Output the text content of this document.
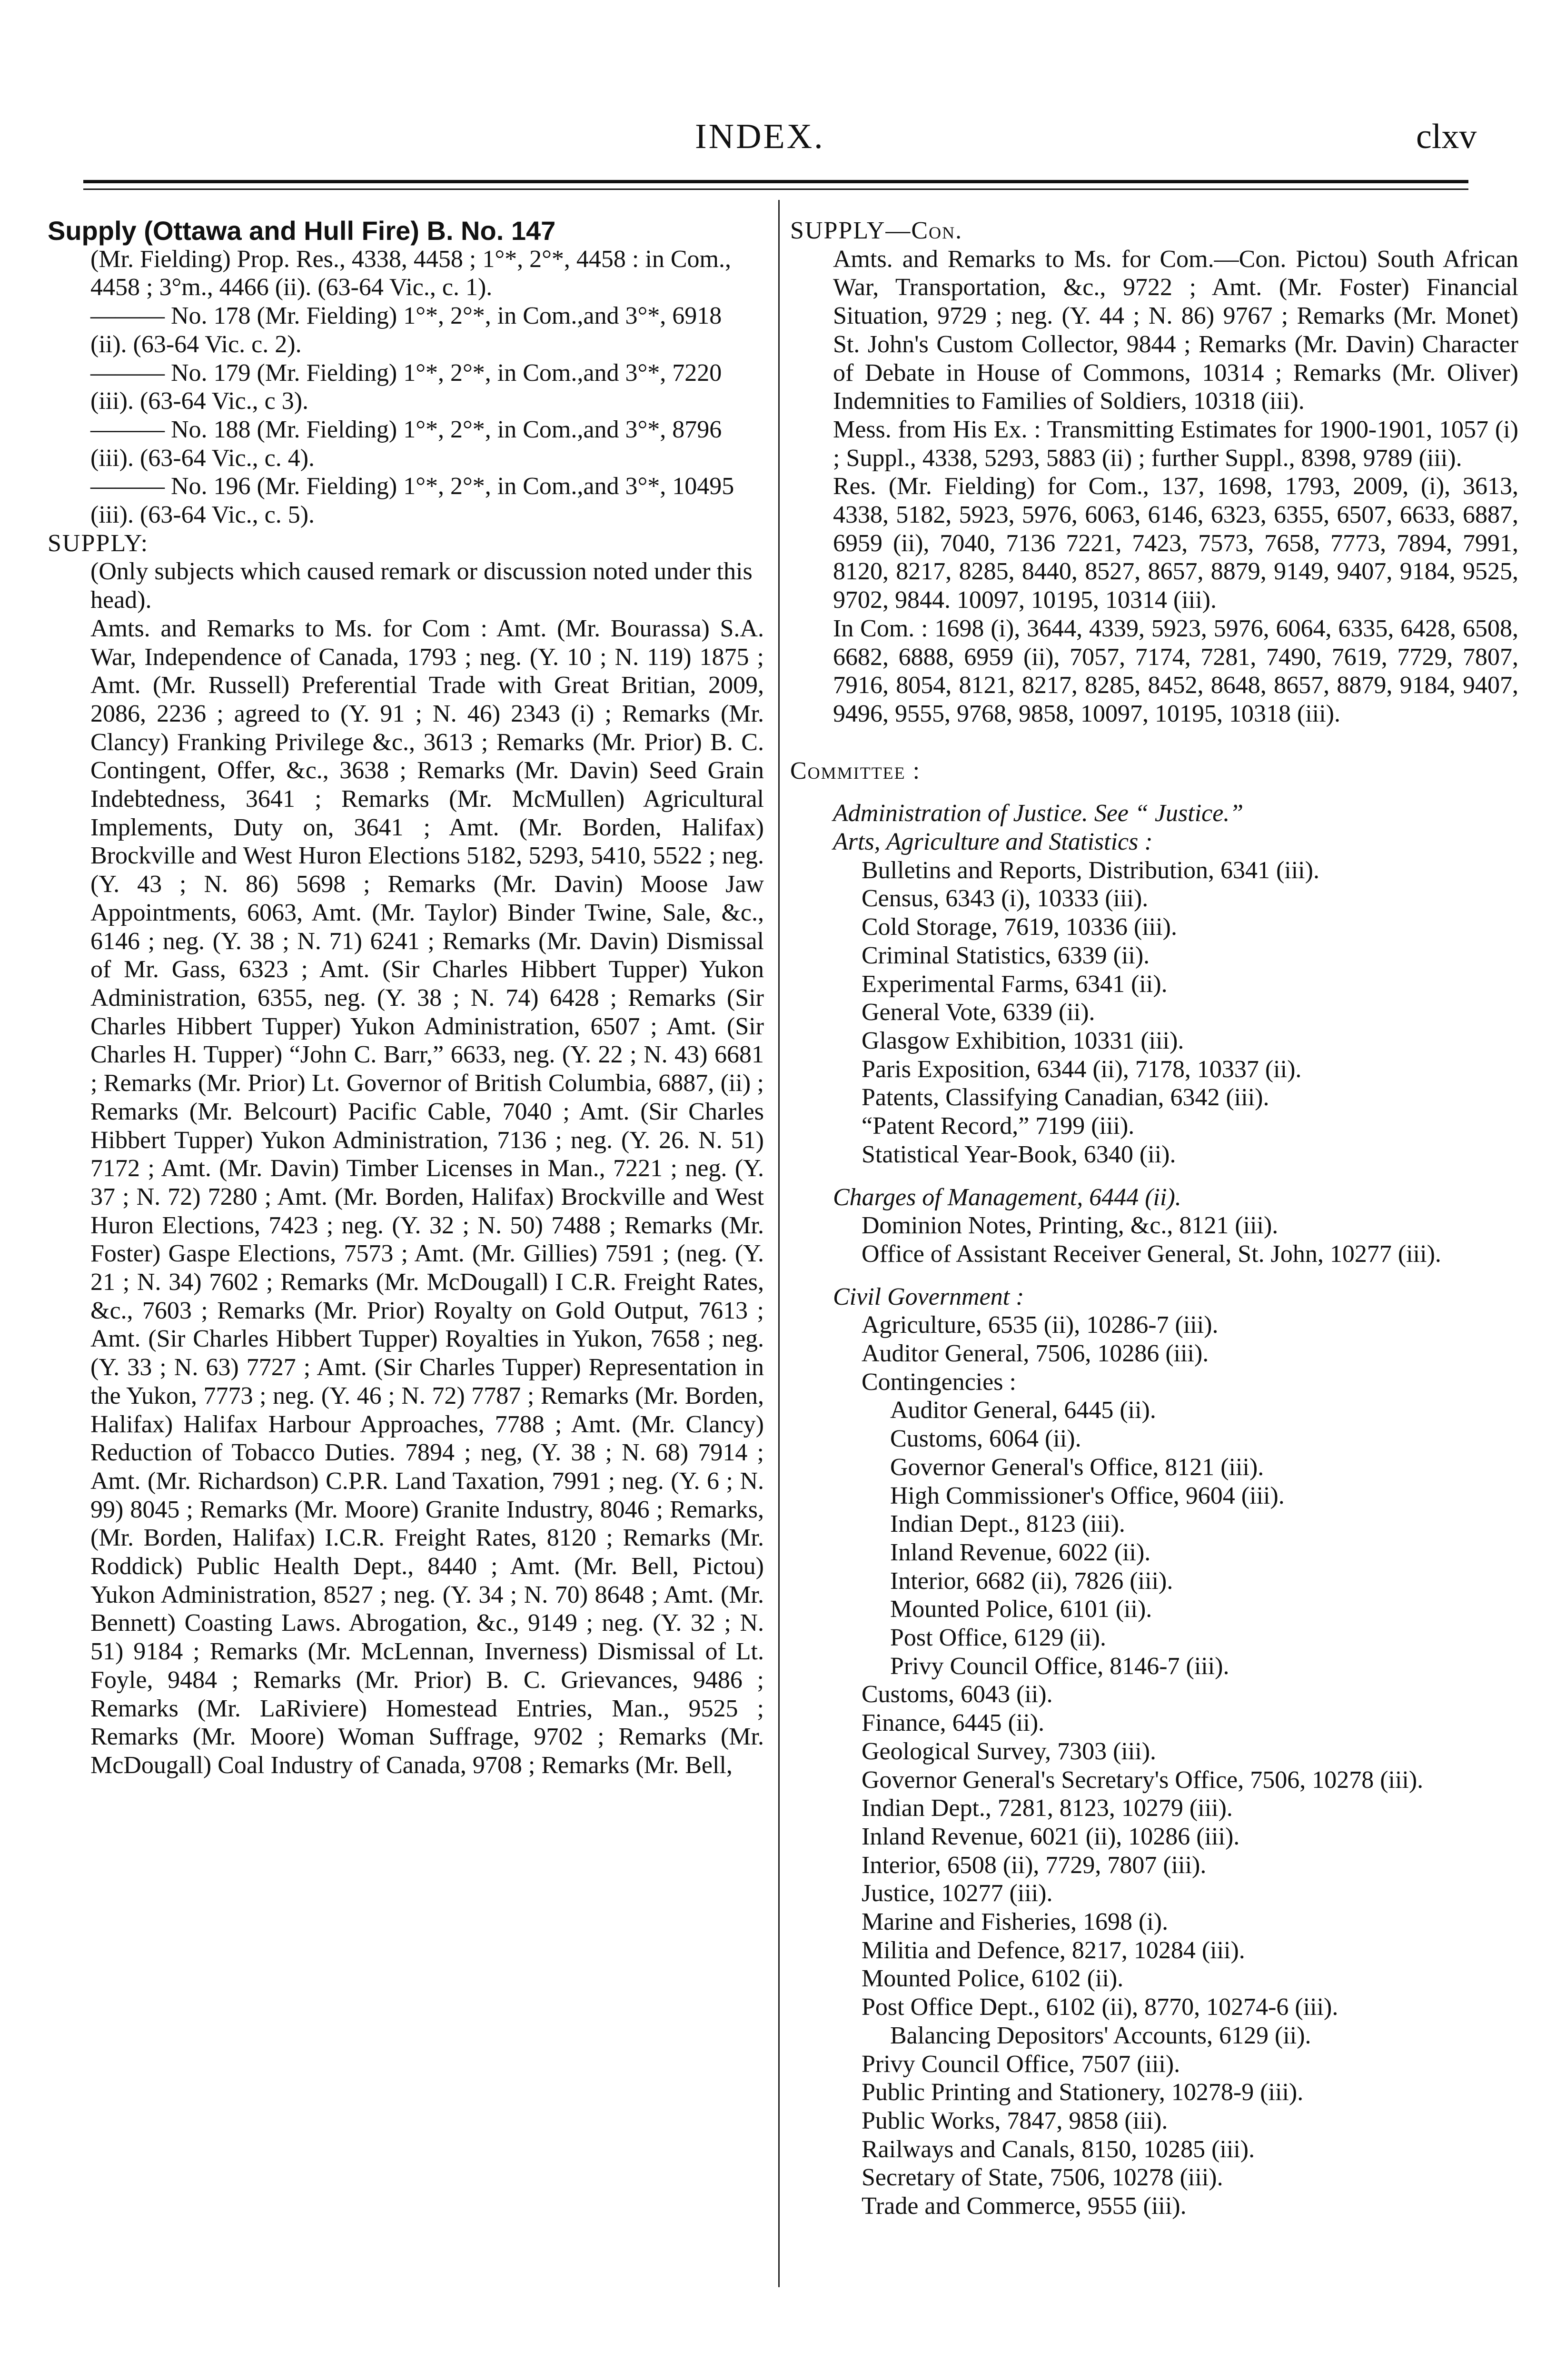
INDEX.	clxv

Supply (Ottawa and Hull Fire) B. No. 147

(Mr. Fielding) Prop. Res., 4338, 4458 ; 1°*, 2°*, 4458 : in Com., 4458 ; 3°m., 4466 (ii). (63-64 Vic., c. 1).

——— No. 178 (Mr. Fielding) 1°*, 2°*, in Com.,and 3°*, 6918 (ii). (63-64 Vic. c. 2).

——— No. 179 (Mr. Fielding) 1°*, 2°*, in Com.,and 3°*, 7220 (iii). (63-64 Vic., c 3).

——— No. 188 (Mr. Fielding) 1°*, 2°*, in Com.,and 3°*, 8796 (iii). (63-64 Vic., c. 4).

——— No. 196 (Mr. Fielding) 1°*, 2°*, in Com.,and 3°*, 10495 (iii). (63-64 Vic., c. 5).

SUPPLY:

(Only subjects which caused remark or discussion noted under this head).

Amts. and Remarks to Ms. for Com : Amt. (Mr. Bourassa) S.A. War, Independence of Canada, 1793 ; neg. (Y. 10 ; N. 119) 1875 ; Amt. (Mr. Russell) Preferential Trade with Great Britian, 2009, 2086, 2236 ; agreed to (Y. 91 ; N. 46) 2343 (i) ; Remarks (Mr. Clancy) Franking Privilege &c., 3613 ; Remarks (Mr. Prior) B. C. Contingent, Offer, &c., 3638 ; Remarks (Mr. Davin) Seed Grain Indebtedness, 3641 ; Remarks (Mr. McMullen) Agricultural Implements, Duty on, 3641 ; Amt. (Mr. Borden, Halifax) Brockville and West Huron Elections 5182, 5293, 5410, 5522 ; neg. (Y. 43 ; N. 86) 5698 ; Remarks (Mr. Davin) Moose Jaw Appointments, 6063, Amt. (Mr. Taylor) Binder Twine, Sale, &c., 6146 ; neg. (Y. 38 ; N. 71) 6241 ; Remarks (Mr. Davin) Dismissal of Mr. Gass, 6323 ; Amt. (Sir Charles Hibbert Tupper) Yukon Administration, 6355, neg. (Y. 38 ; N. 74) 6428 ; Remarks (Sir Charles Hibbert Tupper) Yukon Administration, 6507 ; Amt. (Sir Charles H. Tupper) “John C. Barr,” 6633, neg. (Y. 22 ; N. 43) 6681 ; Remarks (Mr. Prior) Lt. Governor of British Columbia, 6887, (ii) ; Remarks (Mr. Belcourt) Pacific Cable, 7040 ; Amt. (Sir Charles Hibbert Tupper) Yukon Administration, 7136 ; neg. (Y. 26. N. 51) 7172 ; Amt. (Mr. Davin) Timber Licenses in Man., 7221 ; neg. (Y. 37 ; N. 72) 7280 ; Amt. (Mr. Borden, Halifax) Brockville and West Huron Elections, 7423 ; neg. (Y. 32 ; N. 50) 7488 ; Remarks (Mr. Foster) Gaspe Elections, 7573 ; Amt. (Mr. Gillies) 7591 ; (neg. (Y. 21 ; N. 34) 7602 ; Remarks (Mr. McDougall) I C.R. Freight Rates, &c., 7603 ; Remarks (Mr. Prior) Royalty on Gold Output, 7613 ; Amt. (Sir Charles Hibbert Tupper) Royalties in Yukon, 7658 ; neg. (Y. 33 ; N. 63) 7727 ; Amt. (Sir Charles Tupper) Representation in the Yukon, 7773 ; neg. (Y. 46 ; N. 72) 7787 ; Remarks (Mr. Borden, Halifax) Halifax Harbour Approaches, 7788 ; Amt. (Mr. Clancy) Reduction of Tobacco Duties. 7894 ; neg, (Y. 38 ; N. 68) 7914 ; Amt. (Mr. Richardson) C.P.R. Land Taxation, 7991 ; neg. (Y. 6 ; N. 99) 8045 ; Remarks (Mr. Moore) Granite Industry, 8046 ; Remarks, (Mr. Borden, Halifax) I.C.R. Freight Rates, 8120 ; Remarks (Mr. Roddick) Public Health Dept., 8440 ; Amt. (Mr. Bell, Pictou) Yukon Administration, 8527 ; neg. (Y. 34 ; N. 70) 8648 ; Amt. (Mr. Bennett) Coasting Laws. Abrogation, &c., 9149 ; neg. (Y. 32 ; N. 51) 9184 ; Remarks (Mr. McLennan, Inverness) Dismissal of Lt. Foyle, 9484 ; Remarks (Mr. Prior) B. C. Grievances, 9486 ; Remarks (Mr. LaRiviere) Homestead Entries, Man., 9525 ; Remarks (Mr. Moore) Woman Suffrage, 9702 ; Remarks (Mr. McDougall) Coal Industry of Canada, 9708 ; Remarks (Mr. Bell,

SUPPLY—Con.

Amts. and Remarks to Ms. for Com.—Con. Pictou) South African War, Transportation, &c., 9722 ; Amt. (Mr. Foster) Financial Situation, 9729 ; neg. (Y. 44 ; N. 86) 9767 ; Remarks (Mr. Monet) St. John's Custom Collector, 9844 ; Remarks (Mr. Davin) Character of Debate in House of Commons, 10314 ; Remarks (Mr. Oliver) Indemnities to Families of Soldiers, 10318 (iii).

Mess. from His Ex. : Transmitting Estimates for 1900-1901, 1057 (i) ; Suppl., 4338, 5293, 5883 (ii) ; further Suppl., 8398, 9789 (iii).

Res. (Mr. Fielding) for Com., 137, 1698, 1793, 2009, (i), 3613, 4338, 5182, 5923, 5976, 6063, 6146, 6323, 6355, 6507, 6633, 6887, 6959 (ii), 7040, 7136 7221, 7423, 7573, 7658, 7773, 7894, 7991, 8120, 8217, 8285, 8440, 8527, 8657, 8879, 9149, 9407, 9184, 9525, 9702, 9844. 10097, 10195, 10314 (iii).

In Com. : 1698 (i), 3644, 4339, 5923, 5976, 6064, 6335, 6428, 6508, 6682, 6888, 6959 (ii), 7057, 7174, 7281, 7490, 7619, 7729, 7807, 7916, 8054, 8121, 8217, 8285, 8452, 8648, 8657, 8879, 9184, 9407, 9496, 9555, 9768, 9858, 10097, 10195, 10318 (iii).

Committee :

Administration of Justice. See “ Justice.”

Arts, Agriculture and Statistics :

Bulletins and Reports, Distribution, 6341 (iii).

Census, 6343 (i), 10333 (iii).

Cold Storage, 7619, 10336 (iii).

Criminal Statistics, 6339 (ii).

Experimental Farms, 6341 (ii).

General Vote, 6339 (ii).

Glasgow Exhibition, 10331 (iii).

Paris Exposition, 6344 (ii), 7178, 10337 (ii).

Patents, Classifying Canadian, 6342 (iii).

“Patent Record,” 7199 (iii).

Statistical Year-Book, 6340 (ii).

Charges of Management, 6444 (ii).

Dominion Notes, Printing, &c., 8121 (iii).

Office of Assistant Receiver General, St. John, 10277 (iii).

Civil Government :

Agriculture, 6535 (ii), 10286-7 (iii).

Auditor General, 7506, 10286 (iii).

Contingencies :

Auditor General, 6445 (ii).

Customs, 6064 (ii).

Governor General's Office, 8121 (iii).

High Commissioner's Office, 9604 (iii).

Indian Dept., 8123 (iii).

Inland Revenue, 6022 (ii).

Interior, 6682 (ii), 7826 (iii).

Mounted Police, 6101 (ii).

Post Office, 6129 (ii).

Privy Council Office, 8146-7 (iii).

Customs, 6043 (ii).

Finance, 6445 (ii).

Geological Survey, 7303 (iii).

Governor General's Secretary's Office, 7506, 10278 (iii).

Indian Dept., 7281, 8123, 10279 (iii).

Inland Revenue, 6021 (ii), 10286 (iii).

Interior, 6508 (ii), 7729, 7807 (iii).

Justice, 10277 (iii).

Marine and Fisheries, 1698 (i).

Militia and Defence, 8217, 10284 (iii).

Mounted Police, 6102 (ii).

Post Office Dept., 6102 (ii), 8770, 10274-6 (iii).

Balancing Depositors' Accounts, 6129 (ii).

Privy Council Office, 7507 (iii).

Public Printing and Stationery, 10278-9 (iii).

Public Works, 7847, 9858 (iii).

Railways and Canals, 8150, 10285 (iii).

Secretary of State, 7506, 10278 (iii).

Trade and Commerce, 9555 (iii).
